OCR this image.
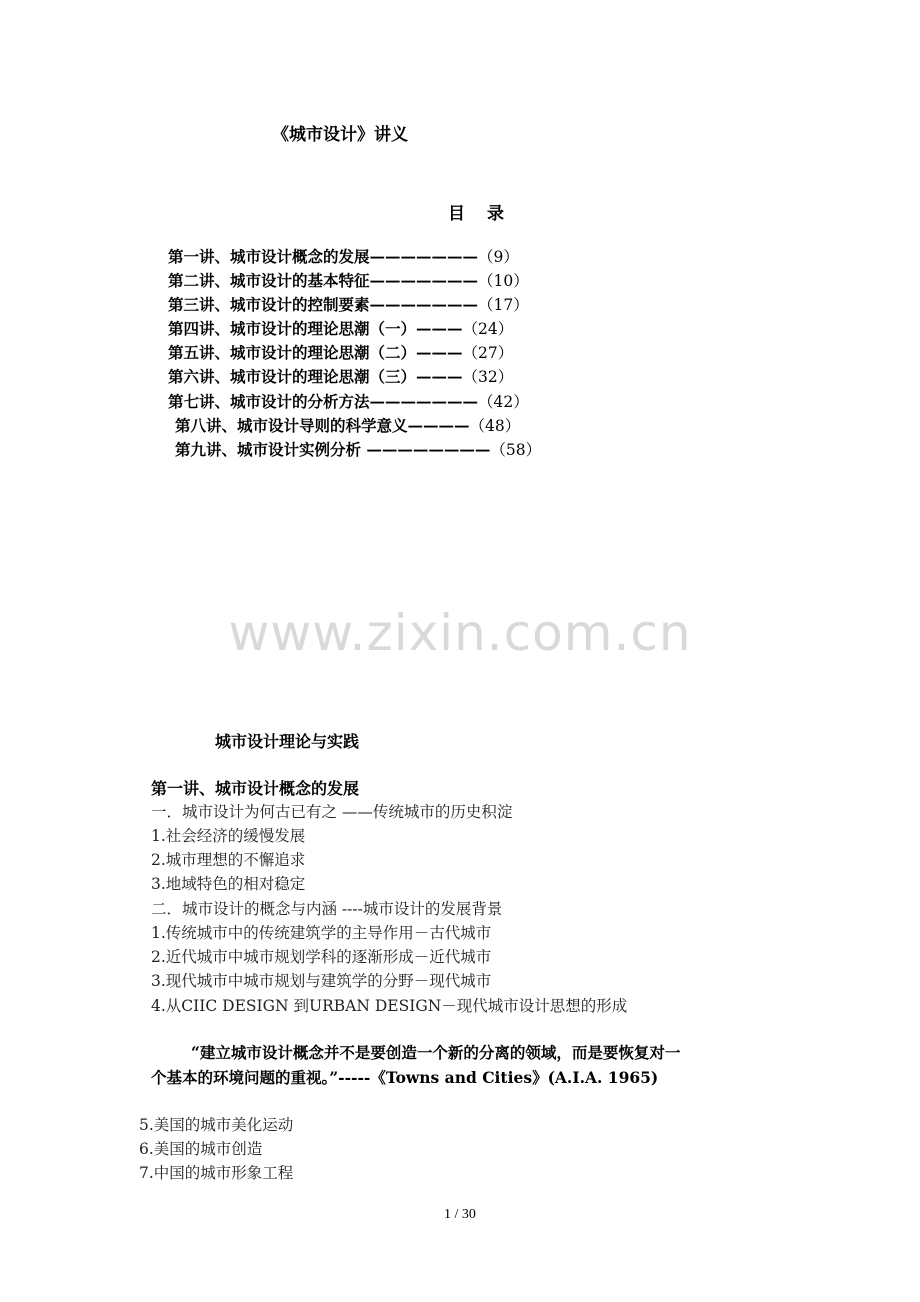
《城市设计》讲义
目 录
第一讲、城市设计概念的发展———————（9）
第二讲、城市设计的基本特征———————（10）
第三讲、城市设计的控制要素———————（17）
第四讲、城市设计的理论思潮（一）———（24）
第五讲、城市设计的理论思潮（二）———（27）
第六讲、城市设计的理论思潮（三）———（32）
第七讲、城市设计的分析方法———————（42）
第八讲、城市设计导则的科学意义————（48）
第九讲、城市设计实例分析 ————————（58）
www.zixin.com.cn
城市设计理论与实践
第一讲、城市设计概念的发展
一．城市设计为何古已有之 ——传统城市的历史积淀
1.社会经济的缓慢发展
2.城市理想的不懈追求
3.地域特色的相对稳定
二．城市设计的概念与内涵 ----城市设计的发展背景
1.传统城市中的传统建筑学的主导作用－古代城市
2.近代城市中城市规划学科的逐渐形成－近代城市
3.现代城市中城市规划与建筑学的分野－现代城市
4.从CIIC DESIGN 到URBAN DESIGN－现代城市设计思想的形成
“建立城市设计概念并不是要创造一个新的分离的领域，而是要恢复对一
个基本的环境问题的重视。”-----《Towns and Cities》(A.I.A. 1965)
5.美国的城市美化运动
6.美国的城市创造
7.中国的城市形象工程
1 / 30
